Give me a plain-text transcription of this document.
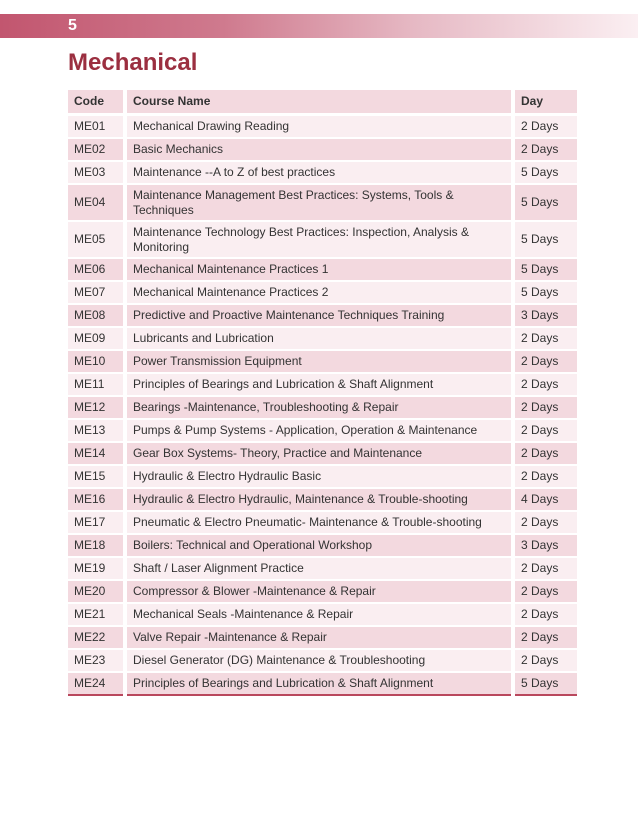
5
Mechanical
Code	Course Name	Day
ME01	Mechanical Drawing Reading	2 Days
ME02	Basic Mechanics	2 Days
ME03	Maintenance --A to Z of best practices	5 Days
ME04	Maintenance Management Best Practices: Systems, Tools & Techniques	5 Days
ME05	Maintenance Technology Best Practices: Inspection, Analysis & Monitoring	5 Days
ME06	Mechanical Maintenance Practices 1	5 Days
ME07	Mechanical Maintenance Practices 2	5 Days
ME08	Predictive and Proactive Maintenance Techniques Training	3 Days
ME09	Lubricants and Lubrication	2 Days
ME10	Power Transmission Equipment	2 Days
ME11	Principles of Bearings and Lubrication & Shaft Alignment	2 Days
ME12	Bearings -Maintenance, Troubleshooting & Repair	2 Days
ME13	Pumps & Pump Systems - Application, Operation & Maintenance	2 Days
ME14	Gear Box Systems- Theory, Practice and Maintenance	2 Days
ME15	Hydraulic & Electro Hydraulic Basic	2 Days
ME16	Hydraulic & Electro Hydraulic, Maintenance & Trouble-shooting	4 Days
ME17	Pneumatic & Electro Pneumatic- Maintenance & Trouble-shooting	2 Days
ME18	Boilers: Technical and Operational Workshop	3 Days
ME19	Shaft / Laser Alignment Practice	2 Days
ME20	Compressor & Blower -Maintenance & Repair	2 Days
ME21	Mechanical Seals -Maintenance & Repair	2 Days
ME22	Valve Repair -Maintenance & Repair	2 Days
ME23	Diesel Generator (DG) Maintenance & Troubleshooting	2 Days
ME24	Principles of Bearings and Lubrication & Shaft Alignment	5 Days
